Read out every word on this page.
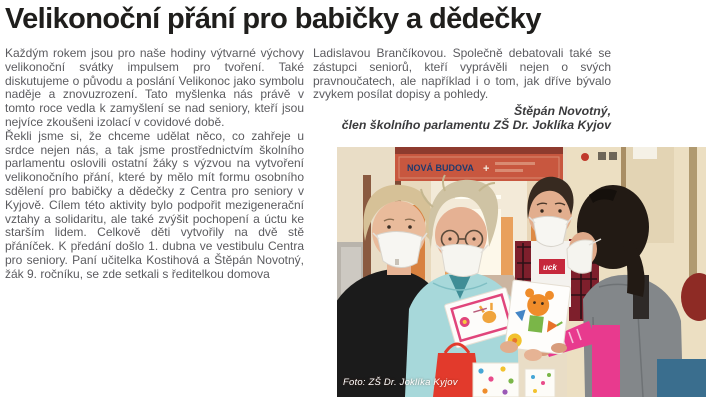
Velikonoční přání pro babičky a dědečky

Každým rokem jsou pro naše hodiny výtvarné výchovy velikonoční svátky impulsem pro tvoření. Také diskutujeme o původu a poslání Velikonoc jako symbolu naděje a znovuzrození. Tato myšlenka nás právě v tomto roce vedla k zamyšlení se nad seniory, kteří jsou nejvíce zkoušeni izolací v covidové době.

Řekli jsme si, že chceme udělat něco, co zahřeje u srdce nejen nás, a tak jsme prostřednictvím školního parlamentu oslovili ostatní žáky s výzvou na vytvoření velikonočního přání, které by mělo mít formu osobního sdělení pro babičky a dědečky z Centra pro seniory v Kyjově. Cílem této aktivity bylo podpořit mezigenerační vztahy a solidaritu, ale také zvýšit pochopení a úctu ke starším lidem. Celkově děti vytvořily na dvě stě přáníček. K předání došlo 1. dubna ve vestibulu Centra pro seniory. Paní učitelka Kostihová a Štěpán Novotný, žák 9. ročníku, se zde setkali s ředitelkou domova

Ladislavou Brančíkovou. Společně debatovali také se zástupci seniorů, kteří vyprávěli nejen o svých pravnoučatech, ale například i o tom, jak dříve bývalo zvykem posílat dopisy a pohledy.

Štěpán Novotný,
člen školního parlamentu ZŠ Dr. Joklíka Kyjov
NOVÁ BUDOVA +
uck
Foto: ZŠ Dr. Joklíka Kyjov
